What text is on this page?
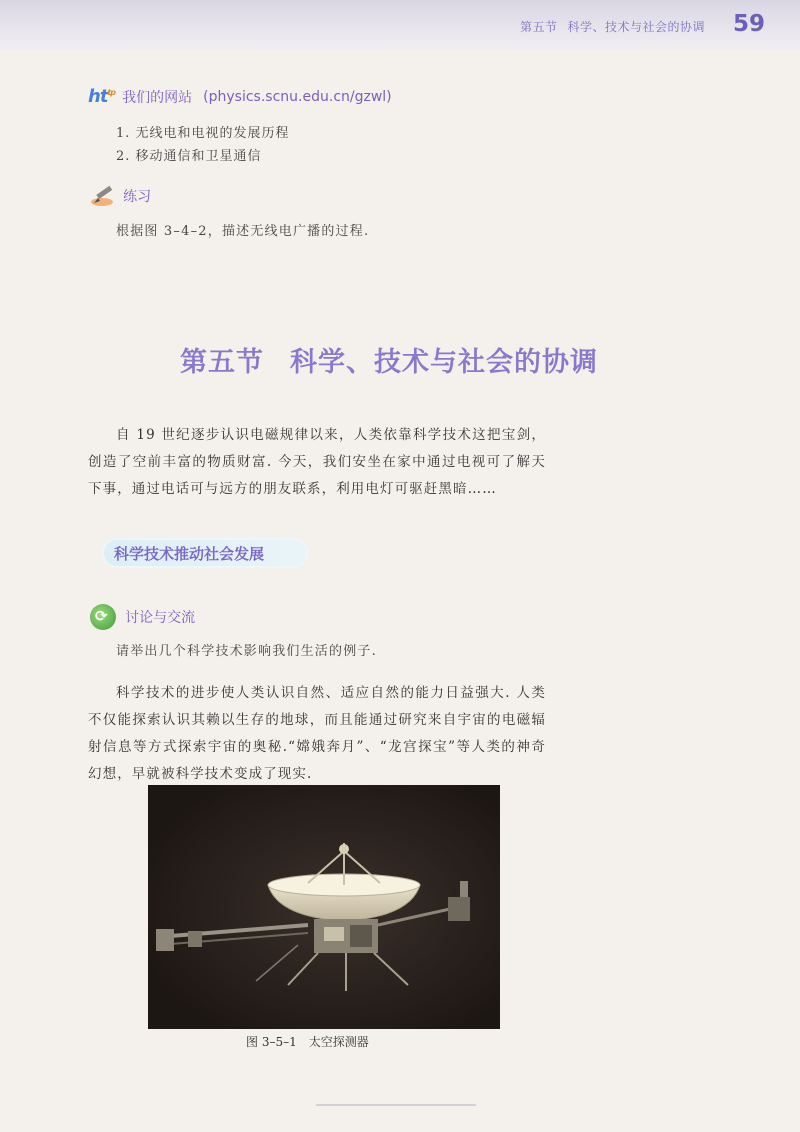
第五节 科学、技术与社会的协调 59
$ht^{tp}$ 我们的网站 (physics.scnu.edu.cn/gzwl)
1. 无线电和电视的发展历程
2. 移动通信和卫星通信
练习
根据图 3–4–2，描述无线电广播的过程.
第五节 科学、技术与社会的协调
自 19 世纪逐步认识电磁规律以来，人类依靠科学技术这把宝剑，创造了空前丰富的物质财富. 今天，我们安坐在家中通过电视可了解天下事，通过电话可与远方的朋友联系，利用电灯可驱赶黑暗……
科学技术推动社会发展
⟳ 讨论与交流
请举出几个科学技术影响我们生活的例子.
科学技术的进步使人类认识自然、适应自然的能力日益强大. 人类不仅能探索认识其赖以生存的地球，而且能通过研究来自宇宙的电磁辐射信息等方式探索宇宙的奥秘.“嫦娥奔月”、“龙宫探宝”等人类的神奇幻想，早就被科学技术变成了现实.
图 3–5–1 太空探测器
